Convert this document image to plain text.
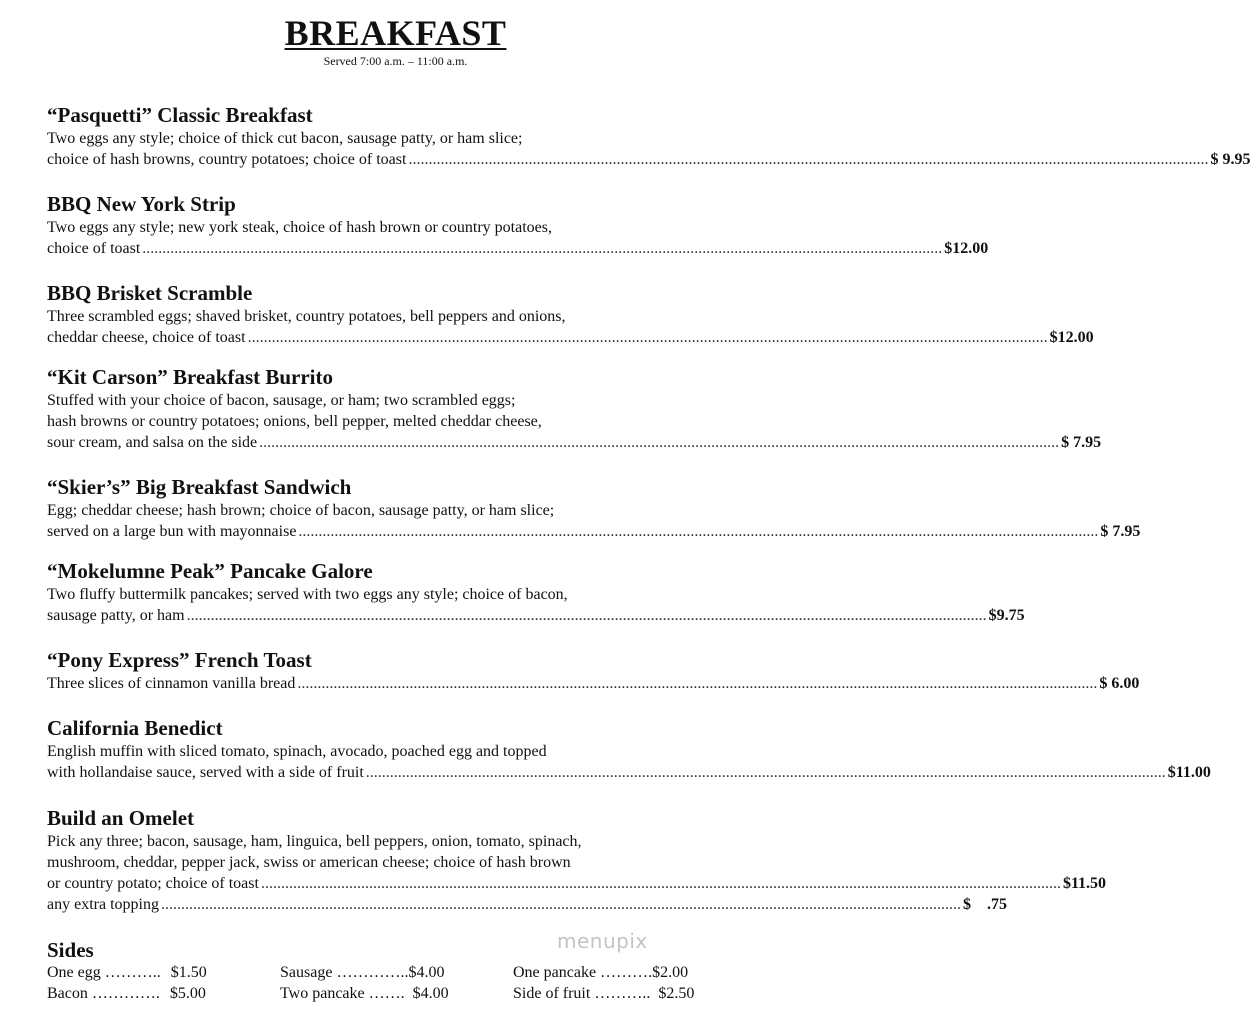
BREAKFAST
Served 7:00 a.m. – 11:00 a.m.
“Pasquetti” Classic Breakfast
Two eggs any style; choice of thick cut bacon, sausage patty, or ham slice;
choice of hash browns, country potatoes; choice of toast ........................................................................................................................................................................................................ $ 9.95
BBQ New York Strip
Two eggs any style; new york steak, choice of hash brown or country potatoes,
choice of toast ........................................................................................................................................................................................................ $12.00
BBQ Brisket Scramble
Three scrambled eggs; shaved brisket, country potatoes, bell peppers and onions,
cheddar cheese, choice of toast ........................................................................................................................................................................................................ $12.00
“Kit Carson” Breakfast Burrito
Stuffed with your choice of bacon, sausage, or ham; two scrambled eggs;
hash browns or country potatoes; onions, bell pepper, melted cheddar cheese,
sour cream, and salsa on the side ........................................................................................................................................................................................................ $ 7.95
“Skier’s” Big Breakfast Sandwich
Egg; cheddar cheese; hash brown; choice of bacon, sausage patty, or ham slice;
served on a large bun with mayonnaise ........................................................................................................................................................................................................ $ 7.95
“Mokelumne Peak” Pancake Galore
Two fluffy buttermilk pancakes; served with two eggs any style; choice of bacon,
sausage patty, or ham ........................................................................................................................................................................................................ $9.75
“Pony Express” French Toast
Three slices of cinnamon vanilla bread ........................................................................................................................................................................................................ $ 6.00
California Benedict
English muffin with sliced tomato, spinach, avocado, poached egg and topped
with hollandaise sauce, served with a side of fruit ........................................................................................................................................................................................................ $11.00
Build an Omelet
Pick any three; bacon, sausage, ham, linguica, bell peppers, onion, tomato, spinach,
mushroom, cheddar, pepper jack, swiss or american cheese; choice of hash brown
or country potato; choice of toast ........................................................................................................................................................................................................ $11.50
any extra topping ........................................................................................................................................................................................................ $    .75
Sides
One egg ……….. $1.50
Bacon …………. $5.00
Sausage …………..$4.00
Two pancake ……. $4.00
One pancake ……….$2.00
Side of fruit ……….. $2.50
menupix
